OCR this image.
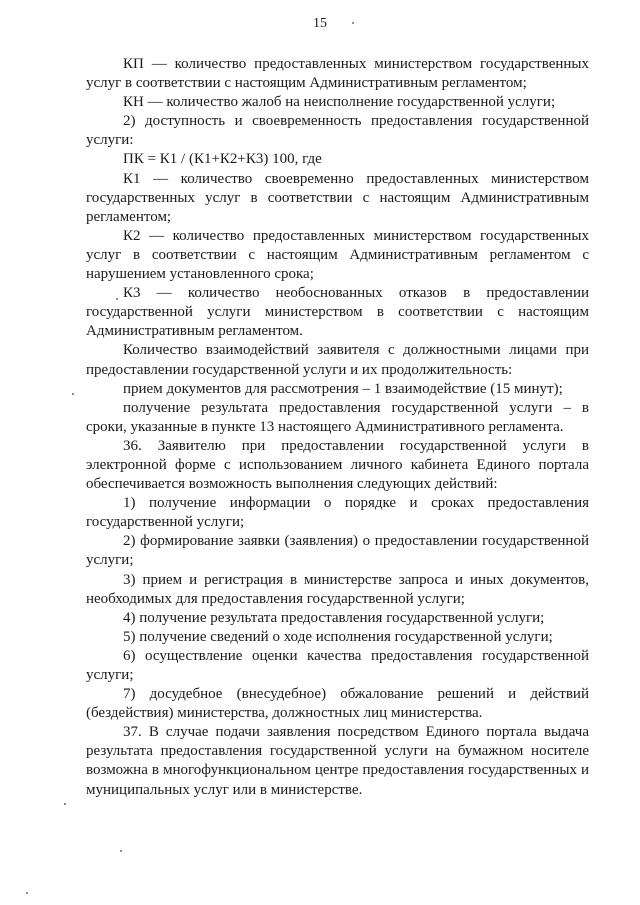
15

КП — количество предоставленных министерством государственных услуг в соответствии с настоящим Административным регламентом;

КН — количество жалоб на неисполнение государственной услуги;

2) доступность и своевременность предоставления государственной услуги:

ПК = К1 / (К1+К2+К3) 100, где

К1 — количество своевременно предоставленных министерством государственных услуг в соответствии с настоящим Административным регламентом;

К2 — количество предоставленных министерством государственных услуг в соответствии с настоящим Административным регламентом с нарушением установленного срока;

К3 — количество необоснованных отказов в предоставлении государственной услуги министерством в соответствии с настоящим Административным регламентом.

Количество взаимодействий заявителя с должностными лицами при предоставлении государственной услуги и их продолжительность:

прием документов для рассмотрения – 1 взаимодействие (15 минут);

получение результата предоставления государственной услуги – в сроки, указанные в пункте 13 настоящего Административного регламента.

36. Заявителю при предоставлении государственной услуги в электронной форме с использованием личного кабинета Единого портала обеспечивается возможность выполнения следующих действий:

1) получение информации о порядке и сроках предоставления государственной услуги;

2) формирование заявки (заявления) о предоставлении государственной услуги;

3) прием и регистрация в министерстве запроса и иных документов, необходимых для предоставления государственной услуги;

4) получение результата предоставления государственной услуги;

5) получение сведений о ходе исполнения государственной услуги;

6) осуществление оценки качества предоставления государственной услуги;

7) досудебное (внесудебное) обжалование решений и действий (бездействия) министерства, должностных лиц министерства.

37. В случае подачи заявления посредством Единого портала выдача результата предоставления государственной услуги на бумажном носителе возможна в многофункциональном центре предоставления государственных и муниципальных услуг или в министерстве.
